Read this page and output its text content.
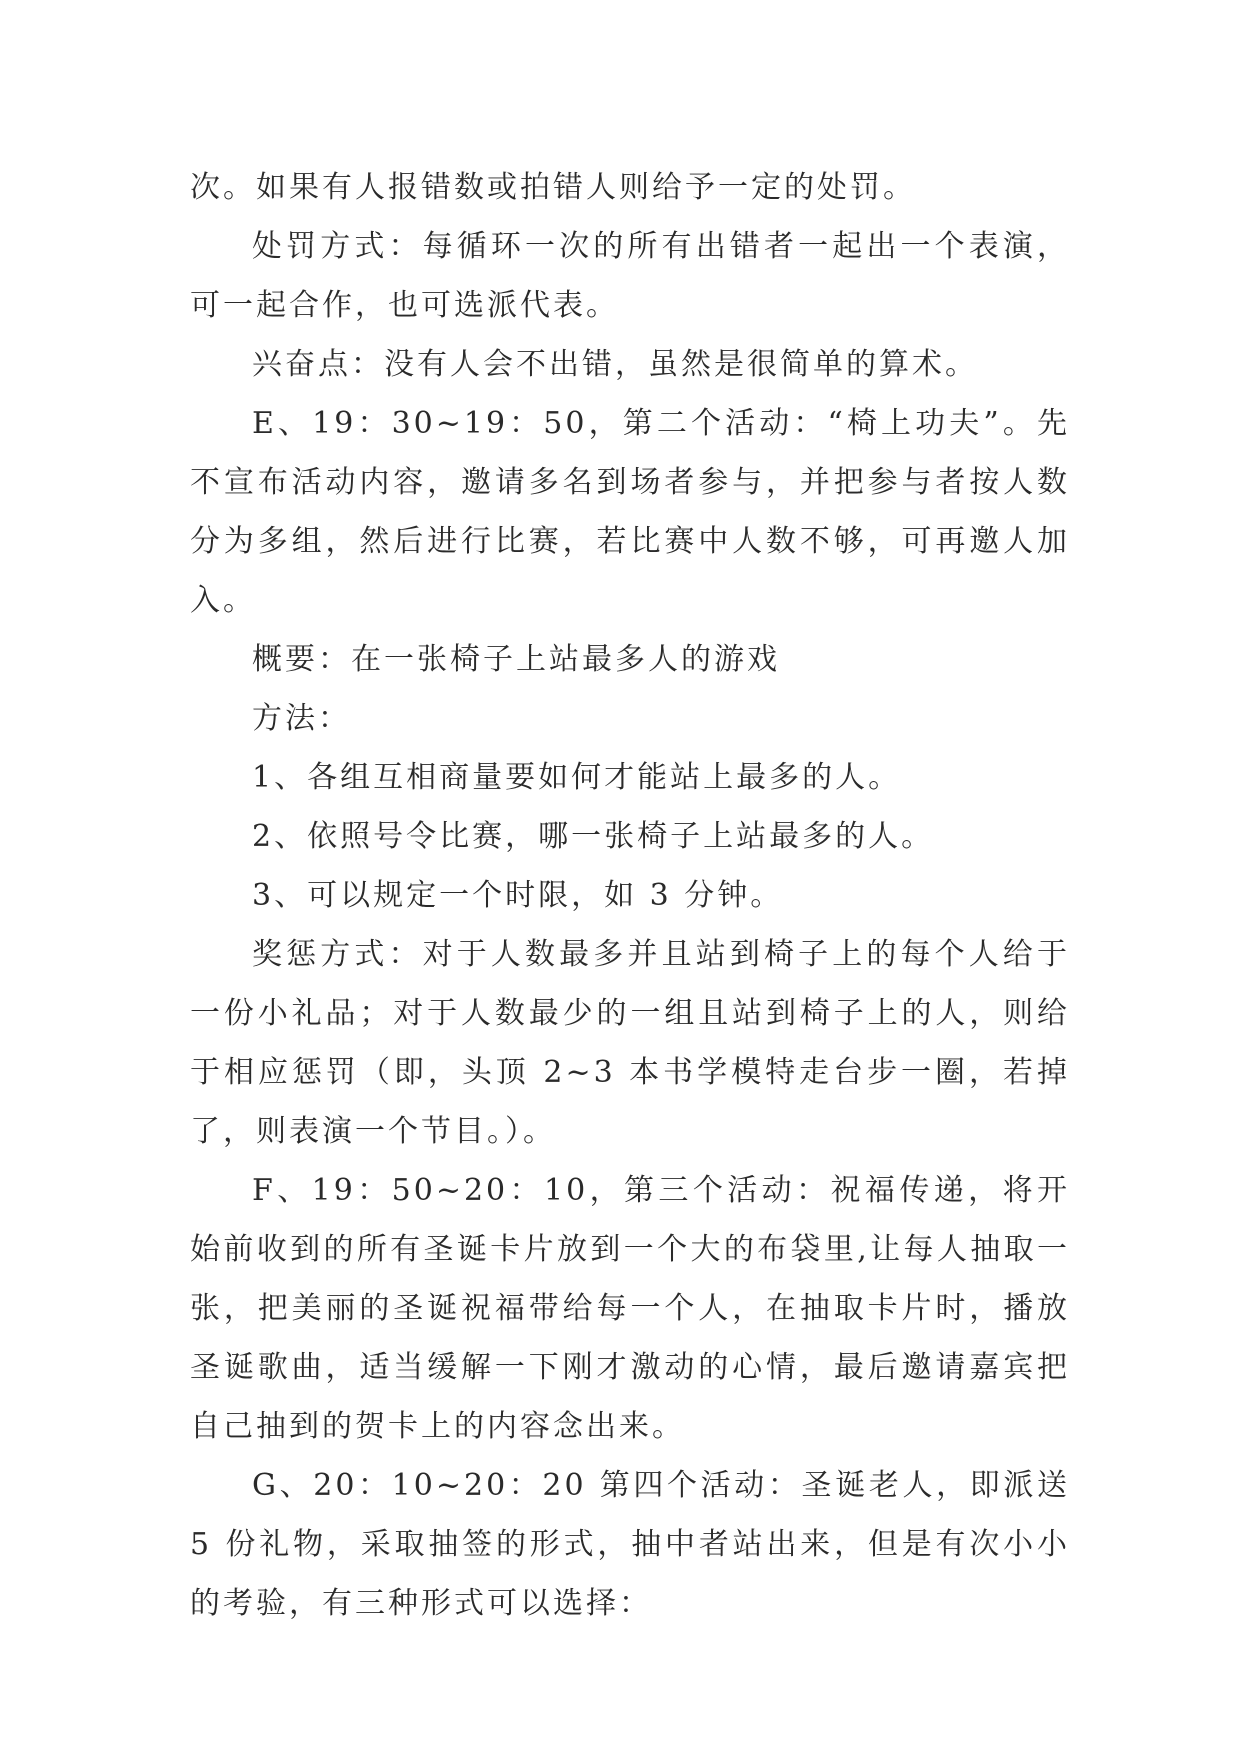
次。如果有人报错数或拍错人则给予一定的处罚。

处罚方式：每循环一次的所有出错者一起出一个表演，可一起合作，也可选派代表。

兴奋点：没有人会不出错，虽然是很简单的算术。

E、19：30~19：50，第二个活动：“椅上功夫”。先不宣布活动内容，邀请多名到场者参与，并把参与者按人数分为多组，然后进行比赛，若比赛中人数不够，可再邀人加入。

概要：在一张椅子上站最多人的游戏

方法：

1、各组互相商量要如何才能站上最多的人。

2、依照号令比赛，哪一张椅子上站最多的人。

3、可以规定一个时限，如 3 分钟。

奖惩方式：对于人数最多并且站到椅子上的每个人给于一份小礼品；对于人数最少的一组且站到椅子上的人，则给于相应惩罚（即，头顶 2~3 本书学模特走台步一圈，若掉了，则表演一个节目。）。

F、19：50~20：10，第三个活动：祝福传递，将开始前收到的所有圣诞卡片放到一个大的布袋里,让每人抽取一张，把美丽的圣诞祝福带给每一个人，在抽取卡片时，播放圣诞歌曲，适当缓解一下刚才激动的心情，最后邀请嘉宾把自己抽到的贺卡上的内容念出来。

G、20：10~20：20 第四个活动：圣诞老人，即派送 5 份礼物，采取抽签的形式，抽中者站出来，但是有次小小的考验，有三种形式可以选择：
